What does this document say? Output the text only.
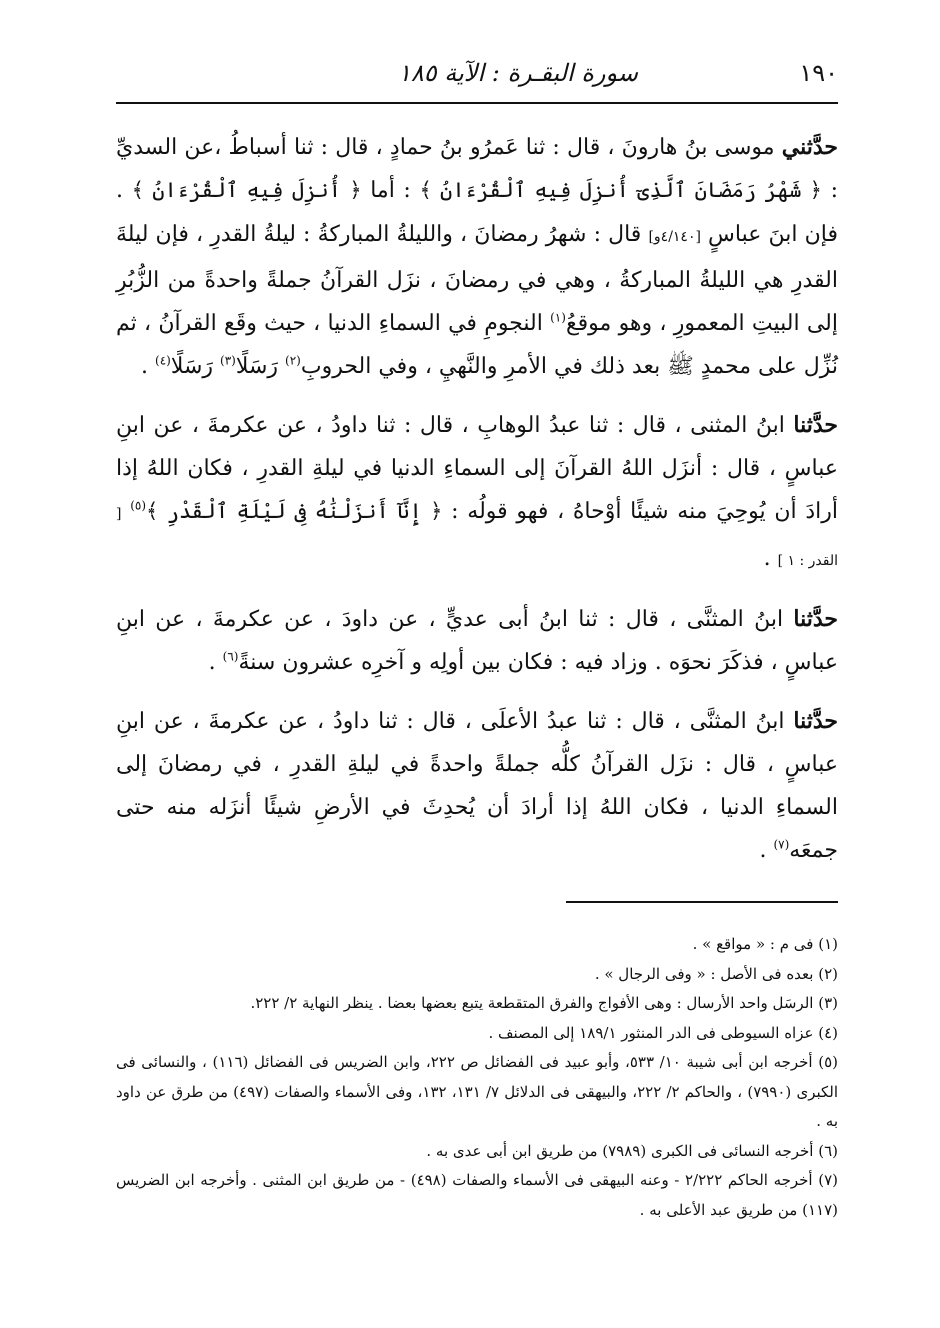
١٩٠
سورة البقـرة : الآية ١٨٥

حدَّثني موسى بنُ هارونَ ، قال : ثنا عَمرُو بنُ حمادٍ ، قال : ثنا أسباطُ ،عن السديِّ : ﴿ شَهْرُ رَمَضَانَ ٱلَّذِىٓ أُنزِلَ فِيهِ ٱلْقُرْءَانُ ﴾ : أما ﴿ أُنزِلَ فِيهِ ٱلْقُرْءَانُ ﴾ . فإن ابنَ عباسٍ [٤/١٤٠و] قال : شهرُ رمضانَ ، والليلةُ المباركةُ : ليلةُ القدرِ ، فإن ليلةَ القدرِ هي الليلةُ المباركةُ ، وهي في رمضانَ ، نزَل القرآنُ جملةً واحدةً من الزُّبُرِ إلى البيتِ المعمورِ ، وهو موقعُ$^{(١)}$ النجومِ في السماءِ الدنيا ، حيث وقَع القرآنُ ، ثم نُزِّل على محمدٍ ﷺ بعد ذلك في الأمرِ والنَّهيِ ، وفي الحروبِ$^{(٢)}$ رَسَلًا$^{(٣)}$ رَسَلًا$^{(٤)}$ .

حدَّثنا ابنُ المثنى ، قال : ثنا عبدُ الوهابِ ، قال : ثنا داودُ ، عن عكرمةَ ، عن ابنِ عباسٍ ، قال : أنزَل اللهُ القرآنَ إلى السماءِ الدنيا في ليلةِ القدرِ ، فكان اللهُ إذا أرادَ أن يُوحِيَ منه شيئًا أوْحاهُ ، فهو قولُه : ﴿ إِنَّآ أَنزَلْنَٰهُ فِى لَيْلَةِ ٱلْقَدْرِ ﴾$^{(٥)}$ [ القدر : ١ ] .

حدَّثنا ابنُ المثنَّى ، قال : ثنا ابنُ أبى عديٍّ ، عن داودَ ، عن عكرمةَ ، عن ابنِ عباسٍ ، فذكَرَ نحوَه . وزاد فيه : فكان بين أولِه و آخرِه عشرون سنةً$^{(٦)}$ .

حدَّثنا ابنُ المثنَّى ، قال : ثنا عبدُ الأعلَى ، قال : ثنا داودُ ، عن عكرمةَ ، عن ابنِ عباسٍ ، قال : نزَل القرآنُ كلُّه جملةً واحدةً في ليلةِ القدرِ ، في رمضانَ إلى السماءِ الدنيا ، فكان اللهُ إذا أرادَ أن يُحدِثَ في الأرضِ شيئًا أنزَله منه حتى جمعَه$^{(٧)}$ .

(١) فى م : « مواقع » .

(٢) بعده فى الأصل : « وفى الرجال » .

(٣) الرسَل واحد الأرسال : وهى الأفواج والفرق المتقطعة يتبع بعضها بعضا . ينظر النهاية ٢/ ٢٢٢.

(٤) عزاه السيوطى فى الدر المنثور ١٨٩/١ إلى المصنف .

(٥) أخرجه ابن أبى شيبة ١٠/ ٥٣٣، وأبو عبيد فى الفضائل ص ٢٢٢، وابن الضريس فى الفضائل (١١٦) ، والنسائى فى الكبرى (٧٩٩٠) ، والحاكم ٢/ ٢٢٢، والبيهقى فى الدلائل ٧/ ١٣١، ١٣٢، وفى الأسماء والصفات (٤٩٧) من طرق عن داود به .

(٦) أخرجه النسائى فى الكبرى (٧٩٨٩) من طريق ابن أبى عدى به .

(٧) أخرجه الحاكم ٢/٢٢٢ - وعنه البيهقى فى الأسماء والصفات (٤٩٨) - من طريق ابن المثنى . وأخرجه ابن الضريس (١١٧) من طريق عبد الأعلى به .
